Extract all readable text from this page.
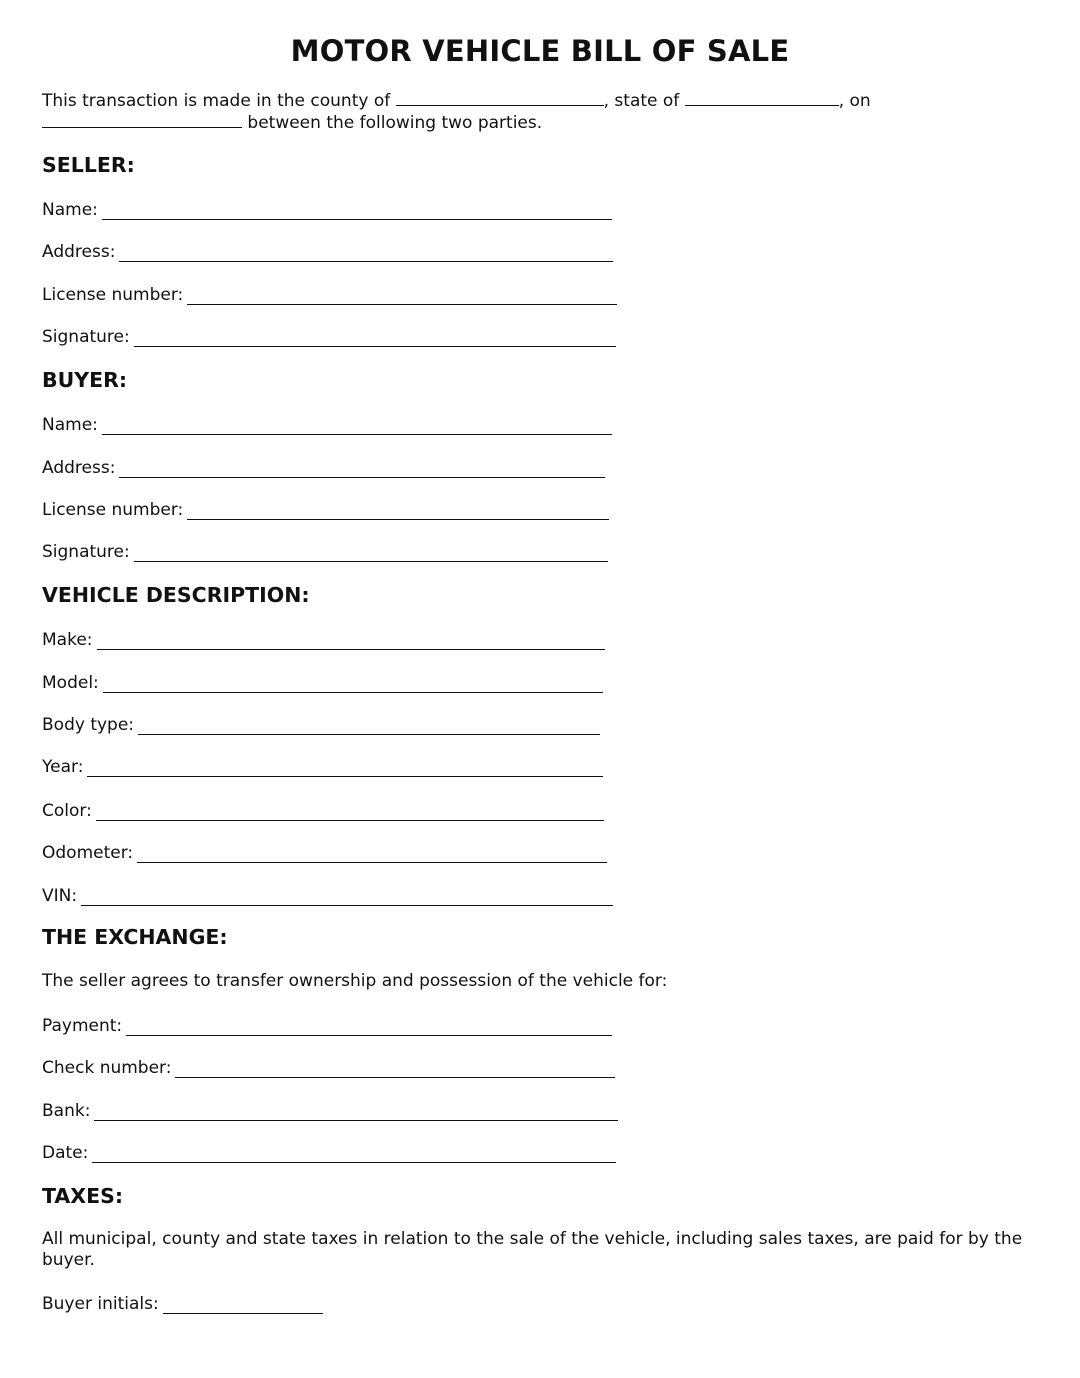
MOTOR VEHICLE BILL OF SALE
This transaction is made in the county of	, state of	, on
between the following two parties.
SELLER:
Name:
Address:
License number:
Signature:
BUYER:
Name:
Address:
License number:
Signature:
VEHICLE DESCRIPTION:
Make:
Model:
Body type:
Year:
Color:
Odometer:
VIN:
THE EXCHANGE:
The seller agrees to transfer ownership and possession of the vehicle for:
Payment:
Check number:
Bank:
Date:
TAXES:
All municipal, county and state taxes in relation to the sale of the vehicle, including sales taxes, are paid for by the buyer.
Buyer initials:
